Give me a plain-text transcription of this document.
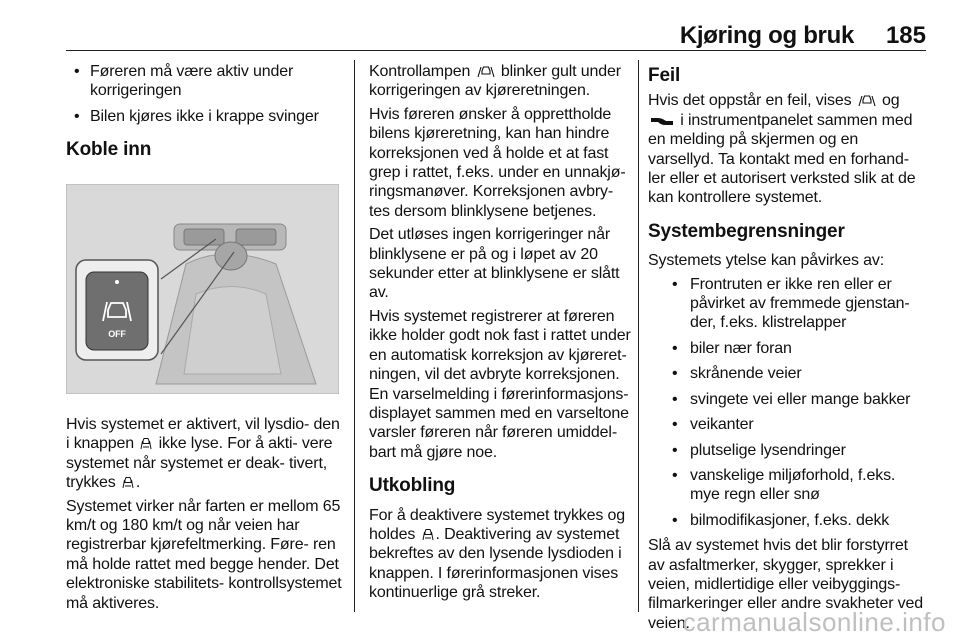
Kjøring og bruk 185
• Føreren må være aktiv under korrigeringen
• Bilen kjøres ikke i krappe svinger
Koble inn
OFF

Hvis systemet er aktivert, vil lysdio- den i knappen ikke lyse. For å akti- vere systemet når systemet er deak- tivert, trykkes .

Systemet virker når farten er mellom 65 km/t og 180 km/t og når veien har registrerbar kjørefeltmerking. Føre- ren må holde rattet med begge hender. Det elektroniske stabilitets- kontrollsystemet må aktiveres.

Kontrollampen blinker gult under korrigeringen av kjøreretningen.

Hvis føreren ønsker å opprettholde bilens kjøreretning, kan han hindre korreksjonen ved å holde et at fast grep i rattet, f.eks. under en unnakjø- ringsmanøver. Korreksjonen avbry- tes dersom blinklysene betjenes.

Det utløses ingen korrigeringer når blinklysene er på og i løpet av 20 sekunder etter at blinklysene er slått av.

Hvis systemet registrerer at føreren ikke holder godt nok fast i rattet under en automatisk korreksjon av kjøreret- ningen, vil det avbryte korreksjonen. En varselmelding i førerinformasjons- displayet sammen med en varseltone varsler føreren når føreren umiddel- bart må gjøre noe.

Utkobling

For å deaktivere systemet trykkes og holdes . Deaktivering av systemet bekreftes av den lysende lysdioden i knappen. I førerinformasjonen vises kontinuerlige grå streker.

Feil

Hvis det oppstår en feil, vises og
i instrumentpanelet sammen med en melding på skjermen og en varsellyd. Ta kontakt med en forhand- ler eller et autorisert verksted slik at de kan kontrollere systemet.

Systembegrensninger

Systemets ytelse kan påvirkes av:

• Frontruten er ikke ren eller er påvirket av fremmede gjenstan- der, f.eks. klistrelapper
• biler nær foran
• skrånende veier
• svingete vei eller mange bakker
• veikanter
• plutselige lysendringer
• vanskelige miljøforhold, f.eks. mye regn eller snø
• bilmodifikasjoner, f.eks. dekk

Slå av systemet hvis det blir forstyrret av asfaltmerker, skygger, sprekker i veien, midlertidige eller veibyggings- filmarkeringer eller andre svakheter ved veien.

carmanualsonline.info
